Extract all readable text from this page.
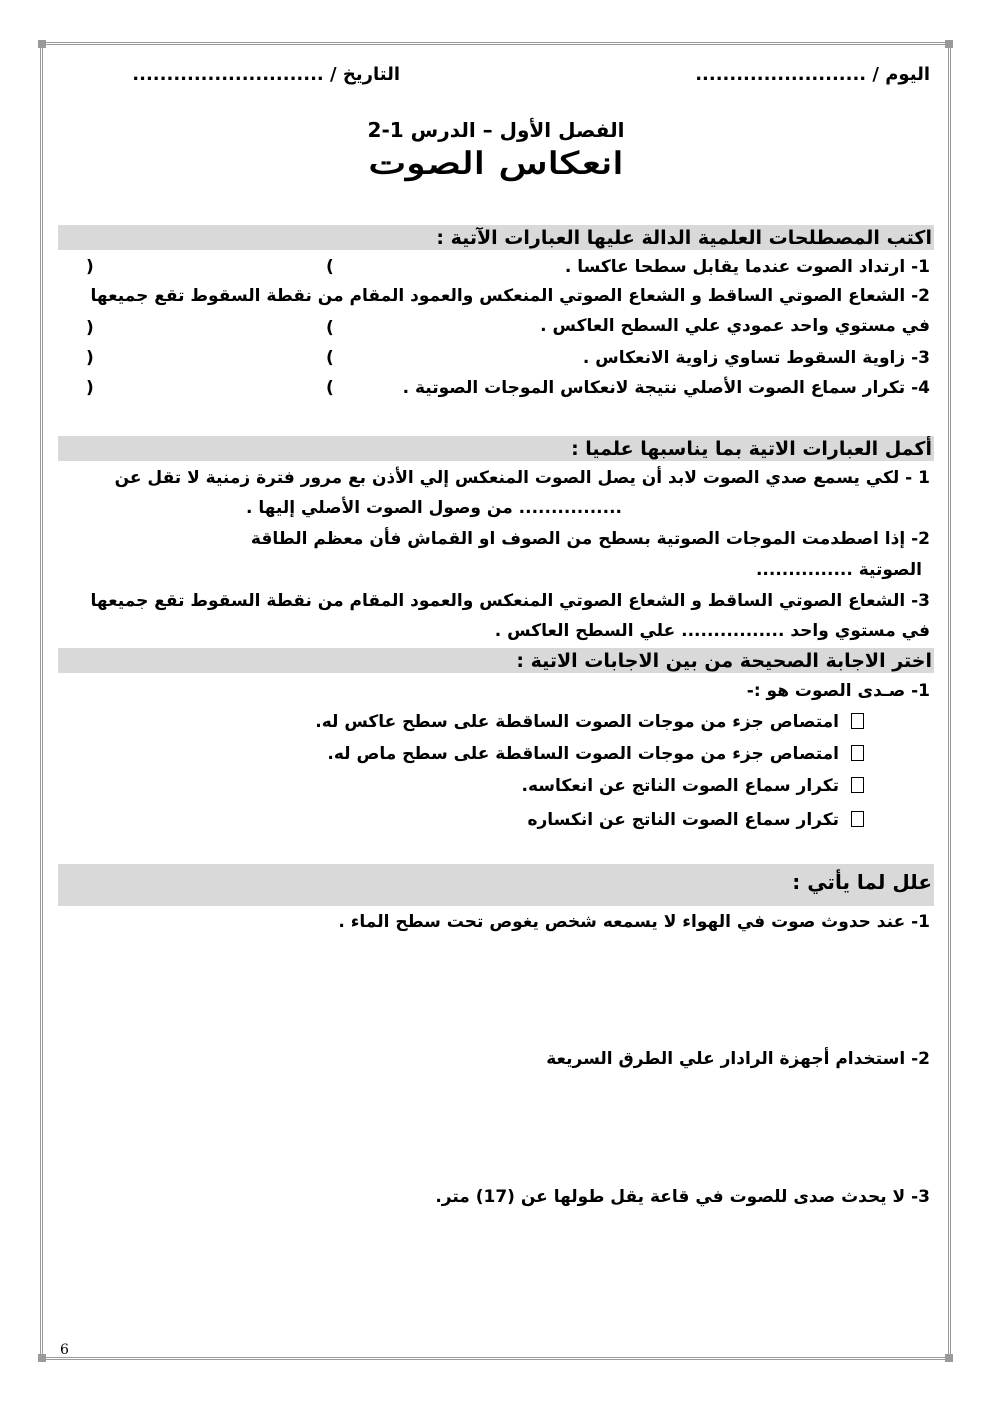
اليوم / .........................
التاريخ / ............................
الفصل الأول – الدرس 1-2
انعكاس الصوت
اكتب المصطلحات العلمية الدالة عليها العبارات الآتية :
1- ارتداد الصوت عندما يقابل سطحا عاكسا .
2- الشعاع الصوتي الساقط و الشعاع الصوتي المنعكس والعمود المقام من نقطة السقوط تقع جميعها
في مستوي واحد عمودي علي السطح العاكس .
3- زاوية السقوط تساوي زاوية الانعكاس .
4- تكرار سماع الصوت الأصلي نتيجة لانعكاس الموجات الصوتية .
(
)
(
)
(
)
(
)
أكمل العبارات الاتية بما يناسبها علميا :
1 - لكي يسمع صدي الصوت لابد أن يصل الصوت المنعكس إلي الأذن بع مرور فترة زمنية لا تقل عن
................ من وصول الصوت الأصلي إليها .
2- إذا اصطدمت الموجات الصوتية بسطح من الصوف او القماش فأن معظم الطاقة
الصوتية ...............
3- الشعاع الصوتي الساقط و الشعاع الصوتي المنعكس والعمود المقام من نقطة السقوط تقع جميعها
في مستوي واحد ................ علي السطح العاكس .
اختر الاجابة الصحيحة من بين الاجابات الاتية :
1- صـدى الصوت هو :-
امتصاص جزء من موجات الصوت الساقطة على سطح عاكس له.
امتصاص جزء من موجات الصوت الساقطة على سطح ماص له.
تكرار سماع الصوت الناتج عن انعكاسه.
تكرار سماع الصوت الناتج عن انكساره
علل لما يأتي :
1- عند حدوث صوت في الهواء لا يسمعه شخص يغوص تحت سطح الماء .
2- استخدام أجهزة الرادار علي الطرق السريعة
3- لا يحدث صدى للصوت في قاعة يقل طولها عن (17) متر.
6
